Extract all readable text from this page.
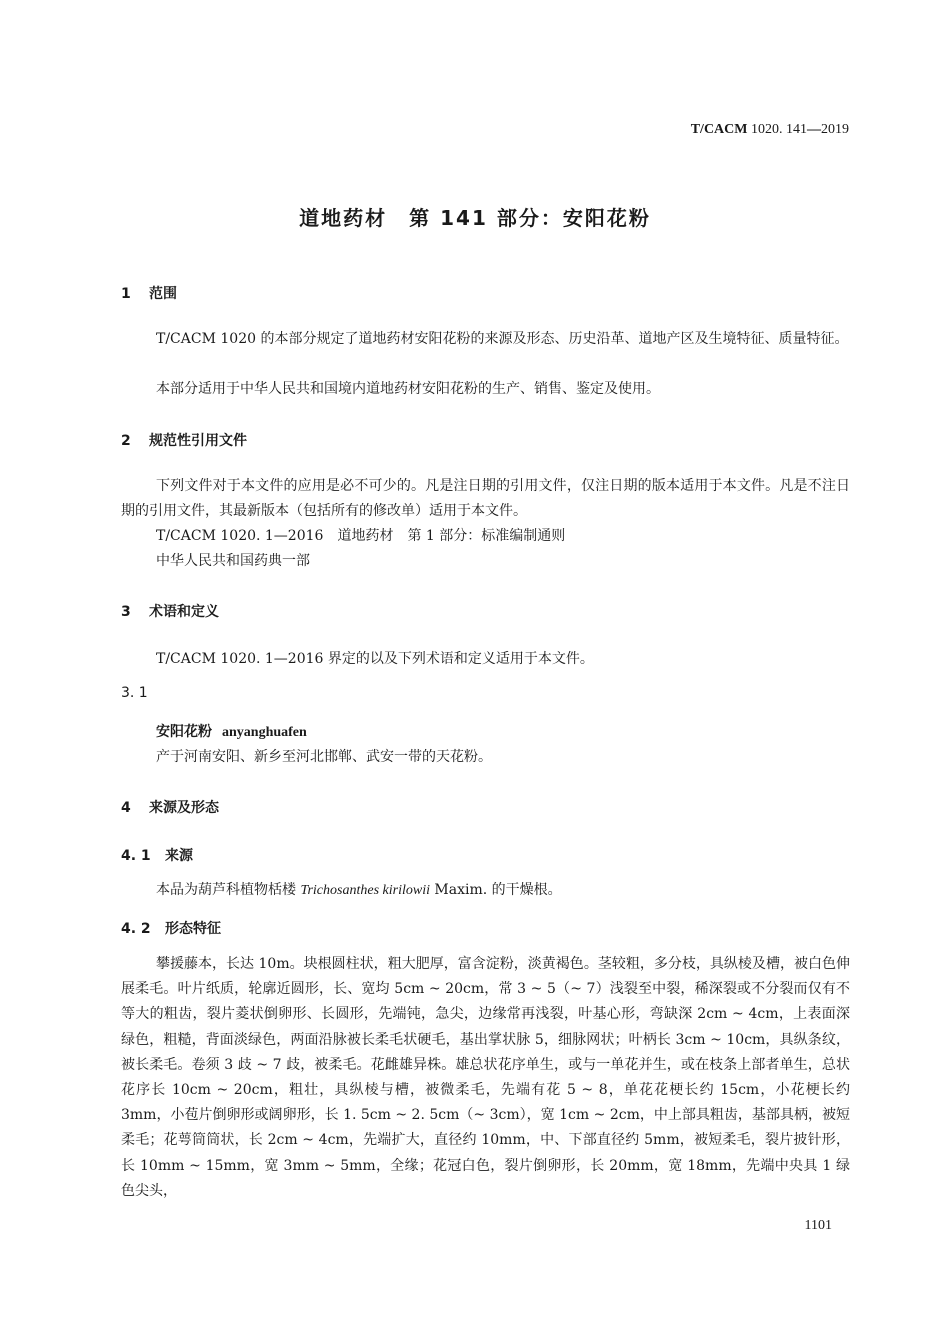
T/CACM 1020. 141—2019
道地药材　第 141 部分：安阳花粉
1 范围
T/CACM 1020 的本部分规定了道地药材安阳花粉的来源及形态、历史沿革、道地产区及生境特征、质量特征。
本部分适用于中华人民共和国境内道地药材安阳花粉的生产、销售、鉴定及使用。
2 规范性引用文件
下列文件对于本文件的应用是必不可少的。凡是注日期的引用文件，仅注日期的版本适用于本文件。凡是不注日期的引用文件，其最新版本（包括所有的修改单）适用于本文件。
T/CACM 1020. 1—2016　道地药材　第 1 部分：标准编制通则
中华人民共和国药典一部
3 术语和定义
T/CACM 1020. 1—2016 界定的以及下列术语和定义适用于本文件。
3. 1
安阳花粉 anyanghuafen
产于河南安阳、新乡至河北邯郸、武安一带的天花粉。
4 来源及形态
4. 1 来源
本品为葫芦科植物栝楼 Trichosanthes kirilowii Maxim. 的干燥根。
4. 2 形态特征
攀援藤本，长达 10m。块根圆柱状，粗大肥厚，富含淀粉，淡黄褐色。茎较粗，多分枝，具纵棱及槽，被白色伸展柔毛。叶片纸质，轮廓近圆形，长、宽均 5cm ~ 20cm，常 3 ~ 5（~ 7）浅裂至中裂，稀深裂或不分裂而仅有不等大的粗齿，裂片菱状倒卵形、长圆形，先端钝，急尖，边缘常再浅裂，叶基心形，弯缺深 2cm ~ 4cm，上表面深绿色，粗糙，背面淡绿色，两面沿脉被长柔毛状硬毛，基出掌状脉 5，细脉网状；叶柄长 3cm ~ 10cm，具纵条纹，被长柔毛。卷须 3 歧 ~ 7 歧，被柔毛。花雌雄异株。雄总状花序单生，或与一单花并生，或在枝条上部者单生，总状花序长 10cm ~ 20cm，粗壮，具纵棱与槽，被微柔毛，先端有花 5 ~ 8，单花花梗长约 15cm，小花梗长约 3mm，小苞片倒卵形或阔卵形，长 1. 5cm ~ 2. 5cm（~ 3cm），宽 1cm ~ 2cm，中上部具粗齿，基部具柄，被短柔毛；花萼筒筒状，长 2cm ~ 4cm，先端扩大，直径约 10mm，中、下部直径约 5mm，被短柔毛，裂片披针形，长 10mm ~ 15mm，宽 3mm ~ 5mm，全缘；花冠白色，裂片倒卵形，长 20mm，宽 18mm，先端中央具 1 绿色尖头，
1101
